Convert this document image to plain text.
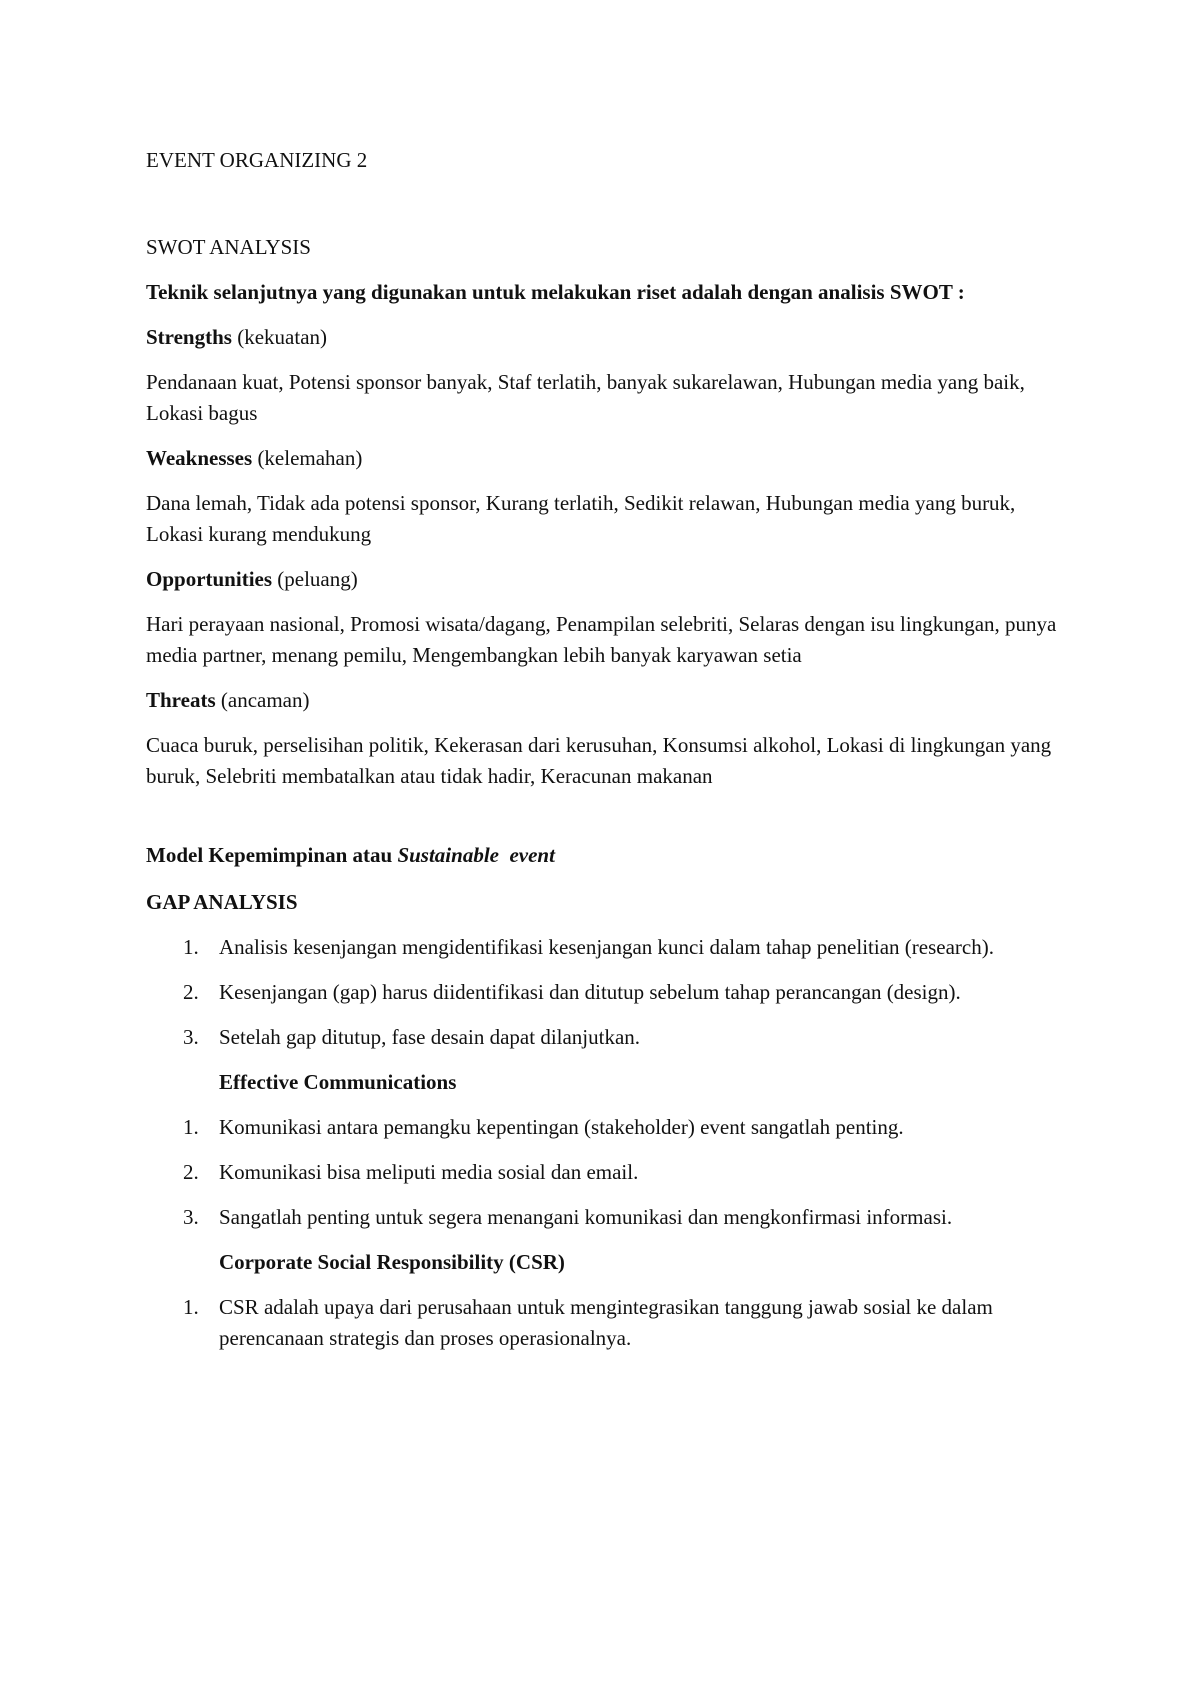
EVENT ORGANIZING 2

SWOT ANALYSIS

Teknik selanjutnya yang digunakan untuk melakukan riset adalah dengan analisis SWOT :

Strengths (kekuatan)

Pendanaan kuat, Potensi sponsor banyak, Staf terlatih, banyak sukarelawan, Hubungan media yang baik, Lokasi bagus

Weaknesses (kelemahan)

Dana lemah, Tidak ada potensi sponsor, Kurang terlatih, Sedikit relawan, Hubungan media yang buruk, Lokasi kurang mendukung

Opportunities (peluang)

Hari perayaan nasional, Promosi wisata/dagang, Penampilan selebriti, Selaras dengan isu lingkungan, punya media partner, menang pemilu, Mengembangkan lebih banyak karyawan setia

Threats (ancaman)

Cuaca buruk, perselisihan politik, Kekerasan dari kerusuhan, Konsumsi alkohol, Lokasi di lingkungan yang buruk, Selebriti membatalkan atau tidak hadir, Keracunan makanan

Model Kepemimpinan atau Sustainable  event

GAP ANALYSIS

1. Analisis kesenjangan mengidentifikasi kesenjangan kunci dalam tahap penelitian (research).
2. Kesenjangan (gap) harus diidentifikasi dan ditutup sebelum tahap perancangan (design).
3. Setelah gap ditutup, fase desain dapat dilanjutkan.

Effective Communications

1. Komunikasi antara pemangku kepentingan (stakeholder) event sangatlah penting.
2. Komunikasi bisa meliputi media sosial dan email.
3. Sangatlah penting untuk segera menangani komunikasi dan mengkonfirmasi informasi.

Corporate Social Responsibility (CSR)

1. CSR adalah upaya dari perusahaan untuk mengintegrasikan tanggung jawab sosial ke dalam perencanaan strategis dan proses operasionalnya.
